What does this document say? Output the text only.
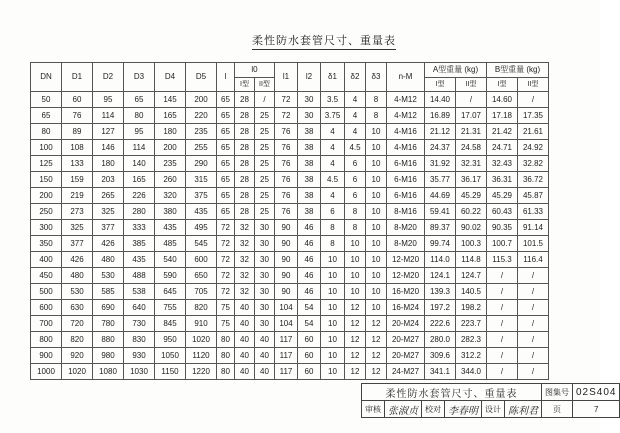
柔性防水套管尺寸、重量表
DN	D1	D2	D3	D4	D5	l	l0		l1	l2	δ1	δ2	δ3	n-M	A型重量 (kg)		B型重量 (kg)	
							I型	II型							I型	II型	I型	II型
50	60	95	65	145	200	65	28	/	72	30	3.5	4	8	4-M12	14.40	/	14.60	/
65	76	114	80	165	220	65	28	25	72	30	3.75	4	8	4-M12	16.89	17.07	17.18	17.35
80	89	127	95	180	235	65	28	25	76	38	4	4	10	4-M16	21.12	21.31	21.42	21.61
100	108	146	114	200	255	65	28	25	76	38	4	4.5	10	4-M16	24.37	24.58	24.71	24.92
125	133	180	140	235	290	65	28	25	76	38	4	6	10	6-M16	31.92	32.31	32.43	32.82
150	159	203	165	260	315	65	28	25	76	38	4.5	6	10	6-M16	35.77	36.17	36.31	36.72
200	219	265	226	320	375	65	28	25	76	38	4	6	10	6-M16	44.69	45.29	45.29	45.87
250	273	325	280	380	435	65	28	25	76	38	6	8	10	8-M16	59.41	60.22	60.43	61.33
300	325	377	333	435	495	72	32	30	90	46	8	8	10	8-M20	89.37	90.02	90.35	91.14
350	377	426	385	485	545	72	32	30	90	46	8	10	10	8-M20	99.74	100.3	100.7	101.5
400	426	480	435	540	600	72	32	30	90	46	10	10	10	12-M20	114.0	114.8	115.3	116.4
450	480	530	488	590	650	72	32	30	90	46	10	10	10	12-M20	124.1	124.7	/	/
500	530	585	538	645	705	72	32	30	90	46	10	10	10	16-M20	139.3	140.5	/	/
600	630	690	640	755	820	75	40	30	104	54	10	12	10	16-M24	197.2	198.2	/	/
700	720	780	730	845	910	75	40	30	104	54	10	12	12	20-M24	222.6	223.7	/	/
800	820	880	830	950	1020	80	40	40	117	60	10	12	12	20-M27	280.0	282.3	/	/
900	920	980	930	1050	1120	80	40	40	117	60	10	12	12	20-M27	309.6	312.2	/	/
1000	1020	1080	1030	1150	1220	80	40	40	117	60	10	12	12	24-M27	341.1	344.0	/	/
柔性防水套管尺寸、重量表						图集号	02S404
审核	张淑贞	校对	李春明	设计	陈利君	页	7
